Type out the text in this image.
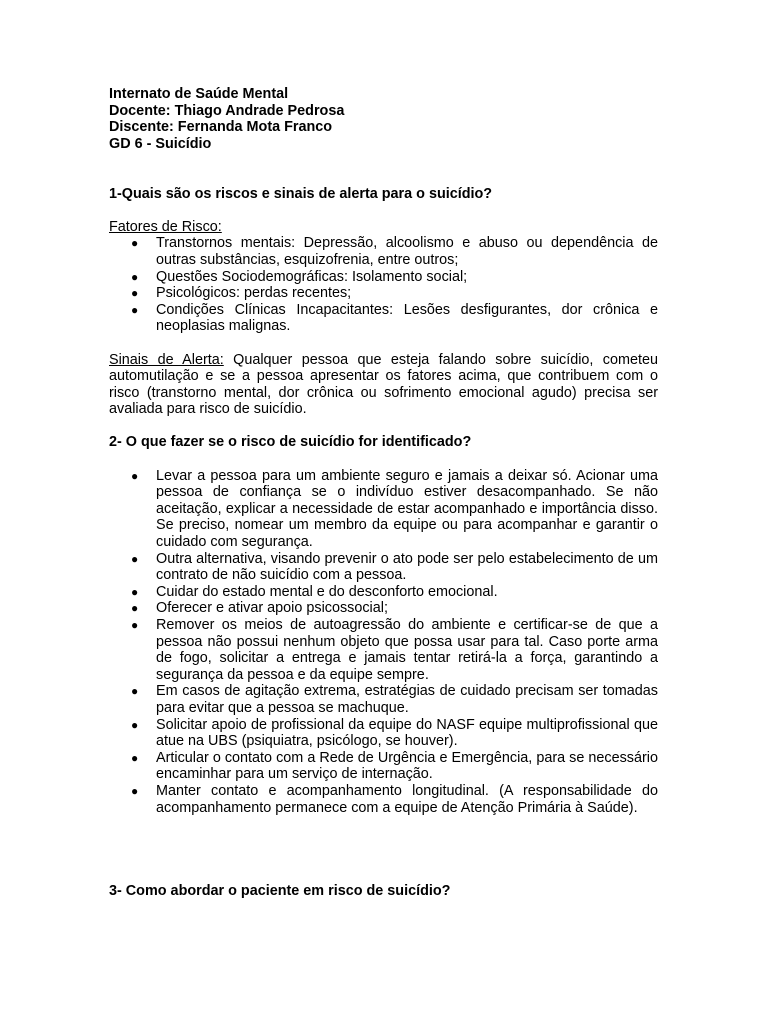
Internato de Saúde Mental
Docente: Thiago Andrade Pedrosa
Discente: Fernanda Mota Franco
GD 6 - Suicídio
1-Quais são os riscos e sinais de alerta para o suicídio?
Fatores de Risco:
● Transtornos mentais: Depressão, alcoolismo e abuso ou dependência de outras substâncias, esquizofrenia, entre outros;
● Questões Sociodemográficas: Isolamento social;
● Psicológicos: perdas recentes;
● Condições Clínicas Incapacitantes: Lesões desfigurantes, dor crônica e neoplasias malignas.

Sinais de Alerta: Qualquer pessoa que esteja falando sobre suicídio, cometeu automutilação e se a pessoa apresentar os fatores acima, que contribuem com o risco (transtorno mental, dor crônica ou sofrimento emocional agudo) precisa ser avaliada para risco de suicídio.

2- O que fazer se o risco de suicídio for identificado?
● Levar a pessoa para um ambiente seguro e jamais a deixar só. Acionar uma pessoa de confiança se o indivíduo estiver desacompanhado. Se não aceitação, explicar a necessidade de estar acompanhado e importância disso. Se preciso, nomear um membro da equipe ou para acompanhar e garantir o cuidado com segurança.
● Outra alternativa, visando prevenir o ato pode ser pelo estabelecimento de um contrato de não suicídio com a pessoa.
● Cuidar do estado mental e do desconforto emocional.
● Oferecer e ativar apoio psicossocial;
● Remover os meios de autoagressão do ambiente e certificar-se de que a pessoa não possui nenhum objeto que possa usar para tal. Caso porte arma de fogo, solicitar a entrega e jamais tentar retirá-la a força, garantindo a segurança da pessoa e da equipe sempre.
● Em casos de agitação extrema, estratégias de cuidado precisam ser tomadas para evitar que a pessoa se machuque.
● Solicitar apoio de profissional da equipe do NASF equipe multiprofissional que atue na UBS (psiquiatra, psicólogo, se houver).
● Articular o contato com a Rede de Urgência e Emergência, para se necessário encaminhar para um serviço de internação.
● Manter contato e acompanhamento longitudinal. (A responsabilidade do acompanhamento permanece com a equipe de Atenção Primária à Saúde).
3- Como abordar o paciente em risco de suicídio?
